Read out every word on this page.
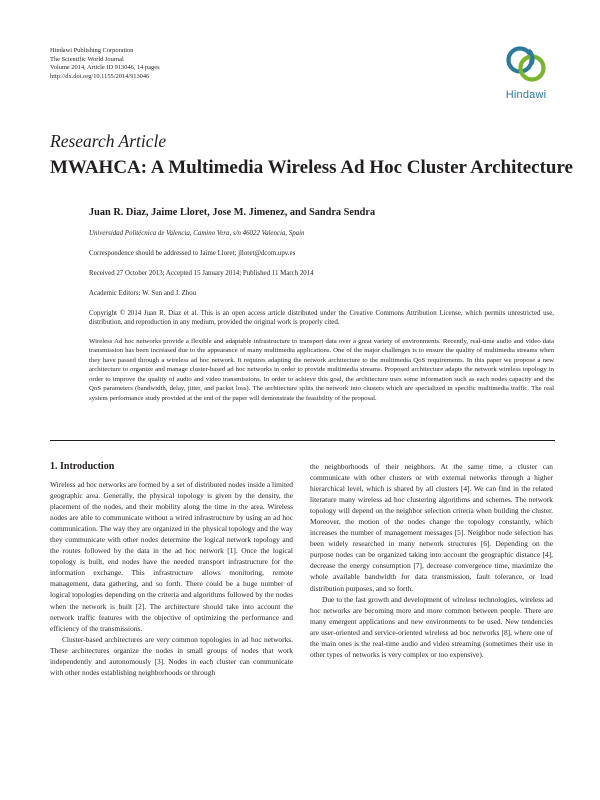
Hindawi Publishing Corporation
The Scientific World Journal
Volume 2014, Article ID 913046, 14 pages
http://dx.doi.org/10.1155/2014/913046
Hindawi
Research Article
MWAHCA: A Multimedia Wireless Ad Hoc Cluster Architecture
Juan R. Diaz, Jaime Lloret, Jose M. Jimenez, and Sandra Sendra
Universidad Politécnica de Valencia, Camino Vera, s/n 46022 Valencia, Spain
Correspondence should be addressed to Jaime Lloret; jlloret@dcom.upv.es
Received 27 October 2013; Accepted 15 January 2014; Published 11 March 2014
Academic Editors: W. Sun and J. Zhou
Copyright © 2014 Juan R. Diaz et al. This is an open access article distributed under the Creative Commons Attribution License, which permits unrestricted use, distribution, and reproduction in any medium, provided the original work is properly cited.
Wireless Ad hoc networks provide a flexible and adaptable infrastructure to transport data over a great variety of environments. Recently, real-time audio and video data transmission has been increased due to the appearance of many multimedia applications. One of the major challenges is to ensure the quality of multimedia streams when they have passed through a wireless ad hoc network. It requires adapting the network architecture to the multimedia QoS requirements. In this paper we propose a new architecture to organize and manage cluster-based ad hoc networks in order to provide multimedia streams. Proposed architecture adapts the network wireless topology in order to improve the quality of audio and video transmissions. In order to achieve this goal, the architecture uses some information such as each nodes capacity and the QoS parameters (bandwidth, delay, jitter, and packet loss). The architecture splits the network into clusters which are specialized in specific multimedia traffic. The real system performance study provided at the end of the paper will demonstrate the feasibility of the proposal.
1. Introduction

Wireless ad hoc networks are formed by a set of distributed nodes inside a limited geographic area. Generally, the physical topology is given by the density, the placement of the nodes, and their mobility along the time in the area. Wireless nodes are able to communicate without a wired infrastructure by using an ad hoc communication. The way they are organized in the physical topology and the way they communicate with other nodes determine the logical network topology and the routes followed by the data in the ad hoc network [1]. Once the logical topology is built, end nodes have the needed transport infrastructure for the information exchange. This infrastructure allows monitoring, remote management, data gathering, and so forth. There could be a huge number of logical topologies depending on the criteria and algorithms followed by the nodes when the network is built [2]. The architecture should take into account the network traffic features with the objective of optimizing the performance and efficiency of the transmissions.

Cluster-based architectures are very common topologies in ad hoc networks. These architectures organize the nodes in small groups of nodes that work independently and autonomously [3]. Nodes in each cluster can communicate with other nodes establishing neighborhoods or through

the neighborhoods of their neighbors. At the same time, a cluster can communicate with other clusters or with external networks through a higher hierarchical level, which is shared by all clusters [4]. We can find in the related literature many wireless ad hoc clustering algorithms and schemes. The network topology will depend on the neighbor selection criteria when building the cluster. Moreover, the motion of the nodes change the topology constantly, which increases the number of management messages [5]. Neighbor node selection has been widely researched in many network structures [6]. Depending on the purpose nodes can be organized taking into account the geographic distance [4], decrease the energy consumption [7], decrease convergence time, maximize the whole available bandwidth for data transmission, fault tolerance, or load distribution purposes, and so forth.

Due to the fast growth and development of wireless technologies, wireless ad hoc networks are becoming more and more common between people. There are many emergent applications and new environments to be used. New tendencies are user-oriented and service-oriented wireless ad hoc networks [8], where one of the main ones is the real-time audio and video streaming (sometimes their use in other types of networks is very complex or too expensive).
